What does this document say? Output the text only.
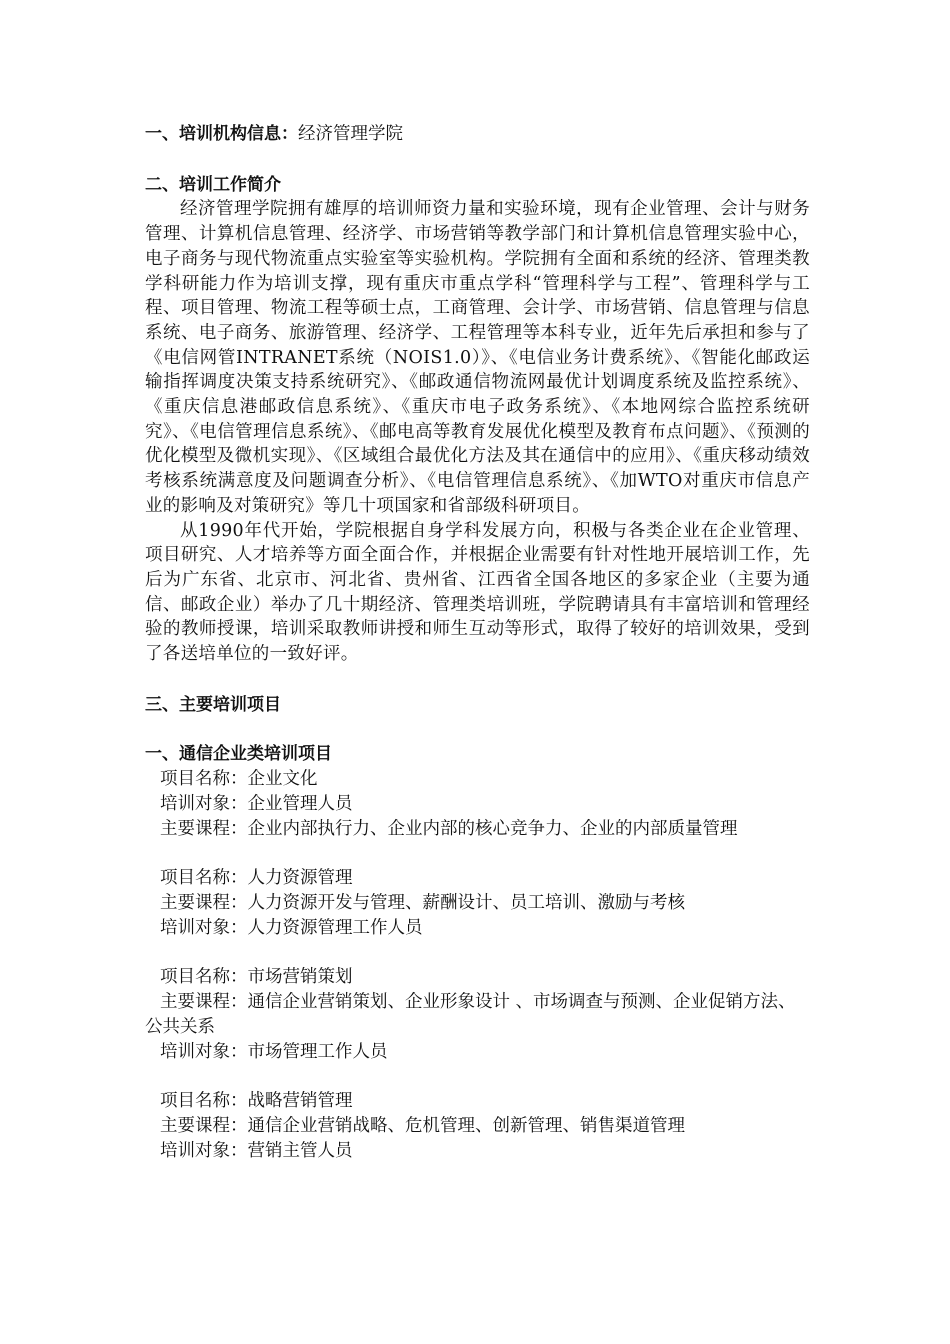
一、培训机构信息：经济管理学院

二、培训工作简介

经济管理学院拥有雄厚的培训师资力量和实验环境，现有企业管理、会计与财务管理、计算机信息管理、经济学、市场营销等教学部门和计算机信息管理实验中心，电子商务与现代物流重点实验室等实验机构。学院拥有全面和系统的经济、管理类教学科研能力作为培训支撑，现有重庆市重点学科“管理科学与工程”、管理科学与工程、项目管理、物流工程等硕士点，工商管理、会计学、市场营销、信息管理与信息系统、电子商务、旅游管理、经济学、工程管理等本科专业，近年先后承担和参与了《电信网管INTRANET系统（NOIS1.0）》、《电信业务计费系统》、《智能化邮政运输指挥调度决策支持系统研究》、《邮政通信物流网最优计划调度系统及监控系统》、《重庆信息港邮政信息系统》、《重庆市电子政务系统》、《本地网综合监控系统研究》、《电信管理信息系统》、《邮电高等教育发展优化模型及教育布点问题》、《预测的优化模型及微机实现》、《区域组合最优化方法及其在通信中的应用》、《重庆移动绩效考核系统满意度及问题调查分析》、《电信管理信息系统》、《加WTO对重庆市信息产业的影响及对策研究》等几十项国家和省部级科研项目。

从1990年代开始，学院根据自身学科发展方向，积极与各类企业在企业管理、项目研究、人才培养等方面全面合作，并根据企业需要有针对性地开展培训工作，先后为广东省、北京市、河北省、贵州省、江西省全国各地区的多家企业（主要为通信、邮政企业）举办了几十期经济、管理类培训班，学院聘请具有丰富培训和管理经验的教师授课，培训采取教师讲授和师生互动等形式，取得了较好的培训效果，受到了各送培单位的一致好评。

三、主要培训项目

一、通信企业类培训项目

项目名称：企业文化

培训对象：企业管理人员

主要课程：企业内部执行力、企业内部的核心竞争力、企业的内部质量管理

项目名称：人力资源管理

主要课程：人力资源开发与管理、薪酬设计、员工培训、激励与考核

培训对象：人力资源管理工作人员

项目名称：市场营销策划

主要课程：通信企业营销策划、企业形象设计 、市场调查与预测、企业促销方法、公共关系

培训对象：市场管理工作人员

项目名称：战略营销管理

主要课程：通信企业营销战略、危机管理、创新管理、销售渠道管理

培训对象：营销主管人员
